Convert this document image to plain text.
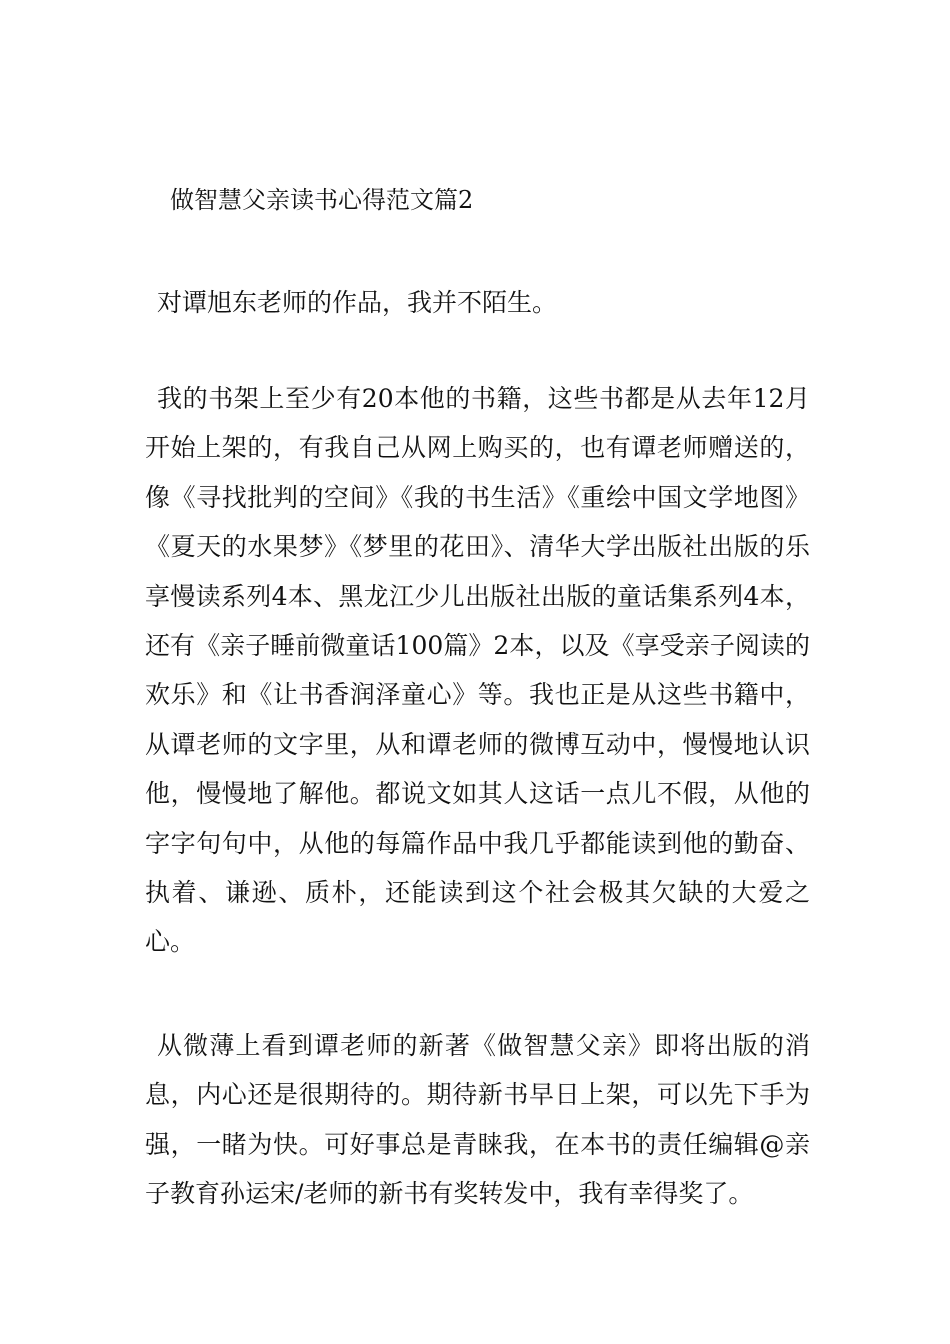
做智慧父亲读书心得范文篇2

对谭旭东老师的作品，我并不陌生。

我的书架上至少有20本他的书籍，这些书都是从去年12月开始上架的，有我自己从网上购买的，也有谭老师赠送的，像《寻找批判的空间》《我的书生活》《重绘中国文学地图》《夏天的水果梦》《梦里的花田》、清华大学出版社出版的乐享慢读系列4本、黑龙江少儿出版社出版的童话集系列4本，还有《亲子睡前微童话100篇》2本，以及《享受亲子阅读的欢乐》和《让书香润泽童心》等。我也正是从这些书籍中，从谭老师的文字里，从和谭老师的微博互动中，慢慢地认识他，慢慢地了解他。都说文如其人这话一点儿不假，从他的字字句句中，从他的每篇作品中我几乎都能读到他的勤奋、执着、谦逊、质朴，还能读到这个社会极其欠缺的大爱之心。

从微薄上看到谭老师的新著《做智慧父亲》即将出版的消息，内心还是很期待的。期待新书早日上架，可以先下手为强，一睹为快。可好事总是青睐我，在本书的责任编辑@亲子教育孙运宋/老师的新书有奖转发中，我有幸得奖了。
